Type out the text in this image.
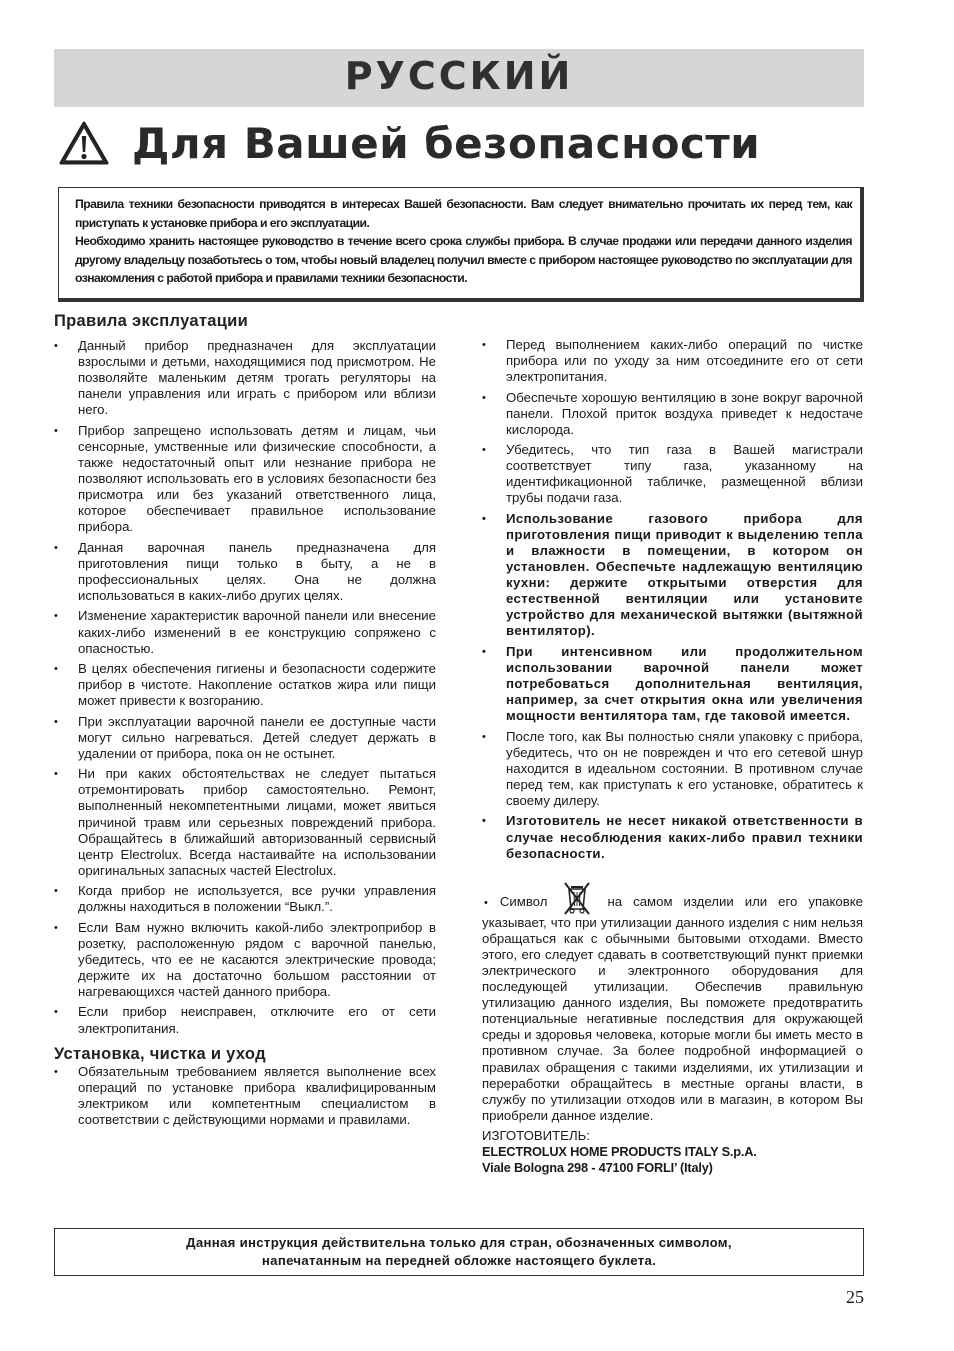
РУССКИЙ
Для Вашей безопасности

Правила техники безопасности приводятся в интересах Вашей безопасности. Вам следует внимательно прочитать их перед тем, как приступать к установке прибора и его эксплуатации.

Необходимо хранить настоящее руководство в течение всего срока службы прибора. В случае продажи или передачи данного изделия другому владельцу позаботьтесь о том, чтобы новый владелец получил вместе с прибором настоящее руководство по эксплуатации для ознакомления с работой прибора и правилами техники безопасности.

Правила эксплуатации
•	Данный прибор предназначен для эксплуатации взрослыми и детьми, находящимися под присмотром. Не позволяйте маленьким детям трогать регуляторы на панели управления или играть с прибором или вблизи него.
•	Прибор запрещено использовать детям и лицам, чьи сенсорные, умственные или физические способности, а также недостаточный опыт или незнание прибора не позволяют использовать его в условиях безопасности без присмотра или без указаний ответственного лица, которое обеспечивает правильное использование прибора.
•	Данная варочная панель предназначена для приготовления пищи только в быту, а не в профессиональных целях. Она не должна использоваться в каких-либо других целях.
•	Изменение характеристик варочной панели или внесение каких-либо изменений в ее конструкцию сопряжено с опасностью.
•	В целях обеспечения гигиены и безопасности содержите прибор в чистоте. Накопление остатков жира или пищи может привести к возгоранию.
•	При эксплуатации варочной панели ее доступные части могут сильно нагреваться. Детей следует держать в удалении от прибора, пока он не остынет.
•	Ни при каких обстоятельствах не следует пытаться отремонтировать прибор самостоятельно. Ремонт, выполненный некомпетентными лицами, может явиться причиной травм или серьезных повреждений прибора. Обращайтесь в ближайший авторизованный сервисный центр Electrolux. Всегда настаивайте на использовании оригинальных запасных частей Electrolux.
•	Когда прибор не используется, все ручки управления должны находиться в положении “Выкл.”.
•	Если Вам нужно включить какой-либо электроприбор в розетку, расположенную рядом с варочной панелью, убедитесь, что ее не касаются электрические провода; держите их на достаточно большом расстоянии от нагревающихся частей данного прибора.
•	Если прибор неисправен, отключите его от сети электропитания.
Установка, чистка и уход
•	Обязательным требованием является выполнение всех операций по установке прибора квалифицированным электриком или компетентным специалистом в соответствии с действующими нормами и правилами.
•	Перед выполнением каких-либо операций по чистке прибора или по уходу за ним отсоедините его от сети электропитания.
•	Обеспечьте хорошую вентиляцию в зоне вокруг варочной панели. Плохой приток воздуха приведет к недостаче кислорода.
•	Убедитесь, что тип газа в Вашей магистрали соответствует типу газа, указанному на идентификационной табличке, размещенной вблизи трубы подачи газа.
•	Использование газового прибора для приготовления пищи приводит к выделению тепла и влажности в помещении, в котором он установлен. Обеспечьте надлежащую вентиляцию кухни: держите открытыми отверстия для естественной вентиляции или установите устройство для механической вытяжки (вытяжной вентилятор).
•	При интенсивном или продолжительном использовании варочной панели может потребоваться дополнительная вентиляция, например, за счет открытия окна или увеличения мощности вентилятора там, где таковой имеется.
•	После того, как Вы полностью сняли упаковку с прибора, убедитесь, что он не поврежден и что его сетевой шнур находится в идеальном состоянии. В противном случае перед тем, как приступать к его установке, обратитесь к своему дилеру.
•	Изготовитель не несет никакой ответственности в случае несоблюдения каких-либо правил техники безопасности.
• Символ	на самом изделии или его упаковке указывает, что при утилизации данного изделия с ним нельзя обращаться как с обычными бытовыми отходами. Вместо этого, его следует сдавать в соответствующий пункт приемки электрического и электронного оборудования для последующей утилизации. Обеспечив правильную утилизацию данного изделия, Вы поможете предотвратить потенциальные негативные последствия для окружающей среды и здоровья человека, которые могли бы иметь место в противном случае. За более подробной информацией о правилах обращения с такими изделиями, их утилизации и переработки обращайтесь в местные органы власти, в службу по утилизации отходов или в магазин, в котором Вы приобрели данное изделие.
ИЗГОТОВИТЕЛЬ:
ELECTROLUX HOME PRODUCTS ITALY S.p.A.
Viale Bologna 298 - 47100 FORLI’ (Italy)
Данная инструкция действительна только для стран, обозначенных символом,
напечатанным на передней обложке настоящего буклета.
25
